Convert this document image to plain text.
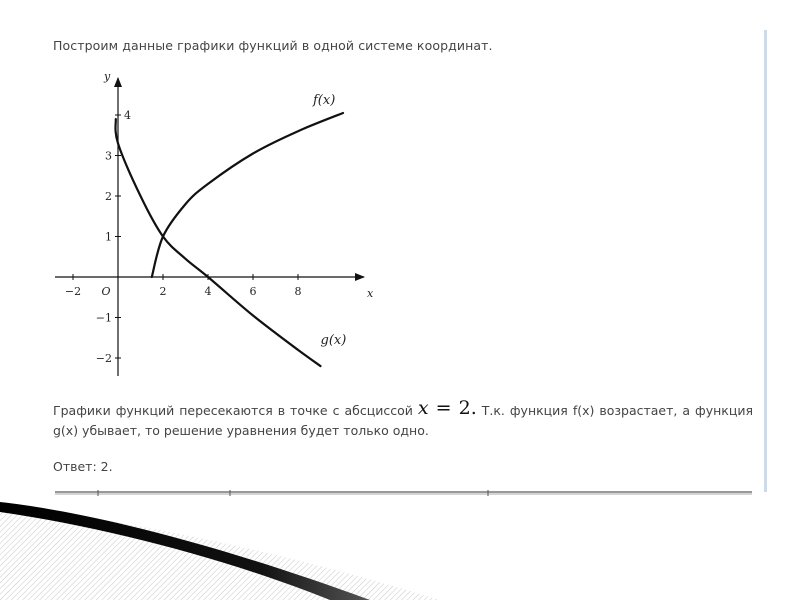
Построим данные графики функций в одной системе координат.
−2	2	4	6	8
4
3
2
1
−1
−2
x
y
O
f(x)
g(x)
Графики функций пересекаются в точке с абсциссой x = 2. Т.к. функция f(x) возрастает, а функция g(x) убывает, то решение уравнения будет только одно.
Ответ: 2.
